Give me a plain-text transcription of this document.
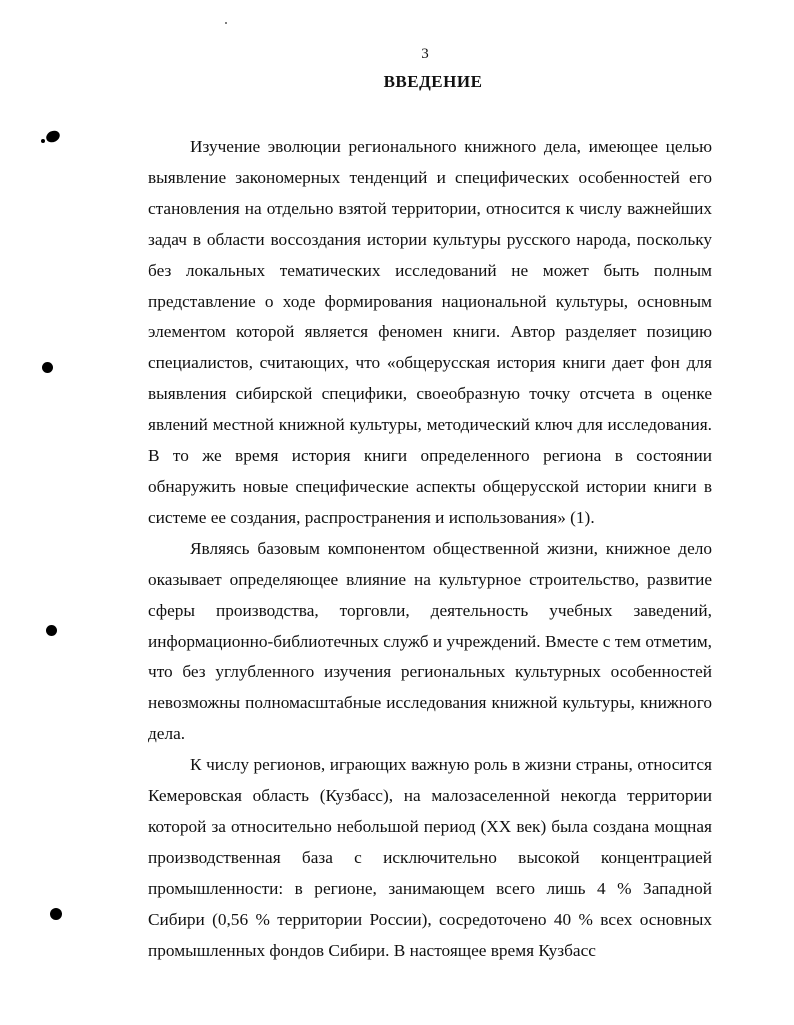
3
ВВЕДЕНИЕ

Изучение эволюции регионального книжного дела, имеющее целью выявление закономерных тенденций и специфических особенностей его становления на отдельно взятой территории, относится к числу важнейших задач в области воссоздания истории культуры русского народа, поскольку без локальных тематических исследований не может быть полным представление о ходе формирования национальной культуры, основным элементом которой является феномен книги. Автор разделяет позицию специалистов, считающих, что «общерусская история книги дает фон для выявления сибирской специфики, своеобразную точку отсчета в оценке явлений местной книжной культуры, методический ключ для исследования. В то же время история книги определенного региона в состоянии обнаружить новые специфические аспекты общерусской истории книги в системе ее создания, распространения и использования» (1).

Являясь базовым компонентом общественной жизни, книжное дело оказывает определяющее влияние на культурное строительство, развитие сферы производства, торговли, деятельность учебных заведений, информационно-библиотечных служб и учреждений. Вместе с тем отметим, что без углубленного изучения региональных культурных особенностей невозможны полномасштабные исследования книжной культуры, книжного дела.

К числу регионов, играющих важную роль в жизни страны, относится Кемеровская область (Кузбасс), на малозаселенной некогда территории которой за относительно небольшой период (XX век) была создана мощная производственная база с исключительно высокой концентрацией промышленности: в регионе, занимающем всего лишь 4 % Западной Сибири (0,56 % территории России), сосредоточено 40 % всех основных промышленных фондов Сибири. В настоящее время Кузбасс
